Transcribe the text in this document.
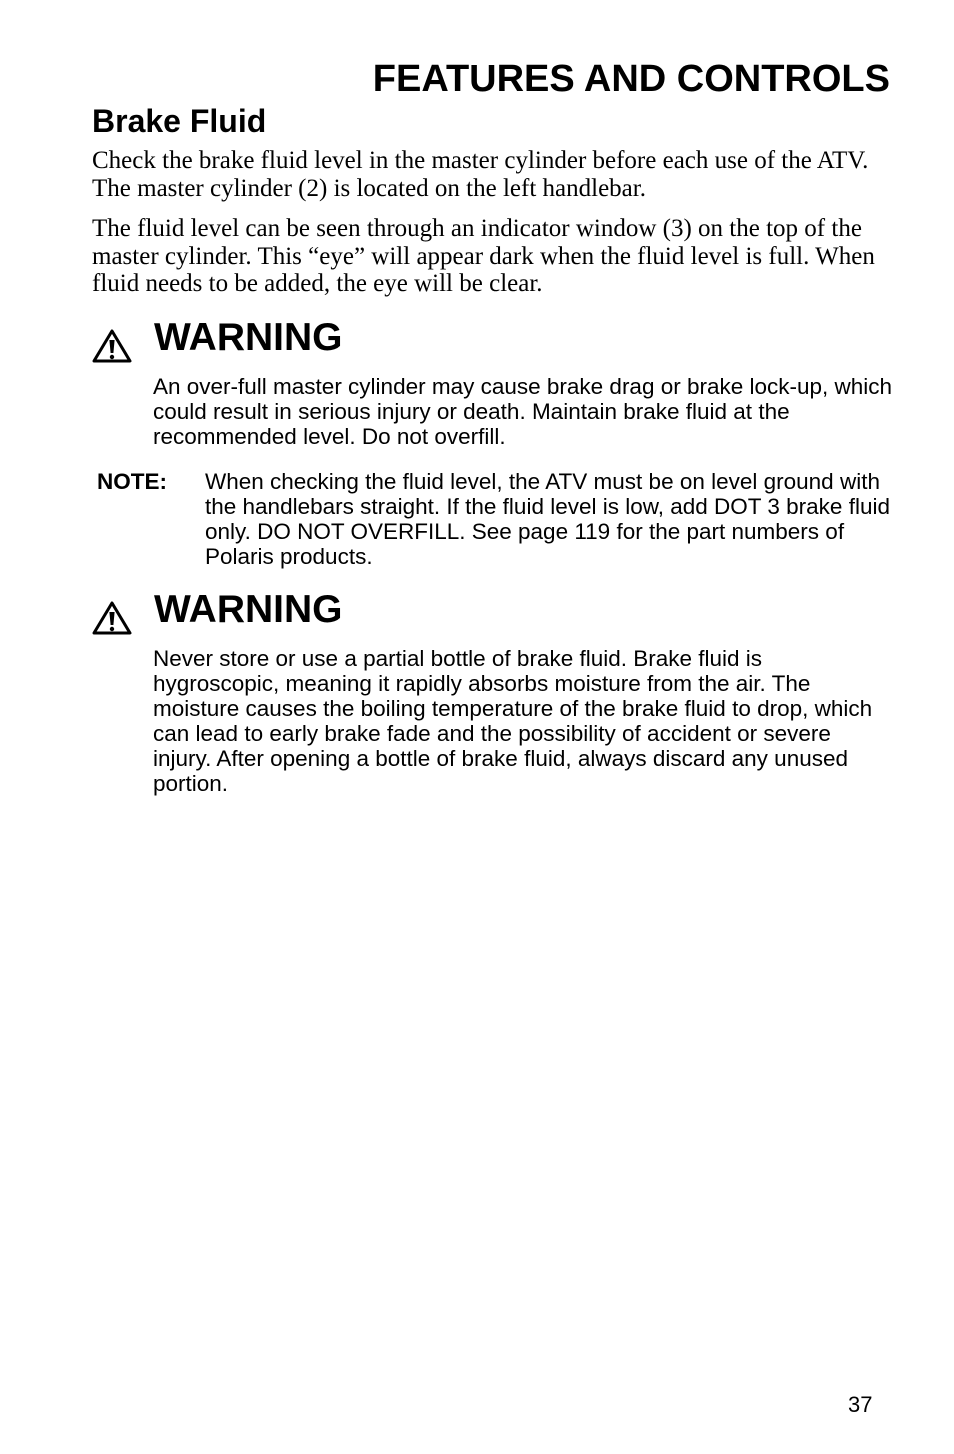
FEATURES AND CONTROLS
Brake Fluid
Check the brake fluid level in the master cylinder before each use of the ATV. The master cylinder (2) is located on the left handlebar.
The fluid level can be seen through an indicator window (3) on the top of the master cylinder. This “eye” will appear dark when the fluid level is full. When fluid needs to be added, the eye will be clear.
WARNING
An over-full master cylinder may cause brake drag or brake lock-up, which could result in serious injury or death. Maintain brake fluid at the recommended level. Do not overfill.
NOTE: When checking the fluid level, the ATV must be on level ground with the handlebars straight. If the fluid level is low, add DOT 3 brake fluid only. DO NOT OVERFILL. See page 119 for the part numbers of Polaris products.
WARNING
Never store or use a partial bottle of brake fluid. Brake fluid is hygroscopic, meaning it rapidly absorbs moisture from the air. The moisture causes the boiling temperature of the brake fluid to drop, which can lead to early brake fade and the possibility of accident or severe injury. After opening a bottle of brake fluid, always discard any unused portion.
37
